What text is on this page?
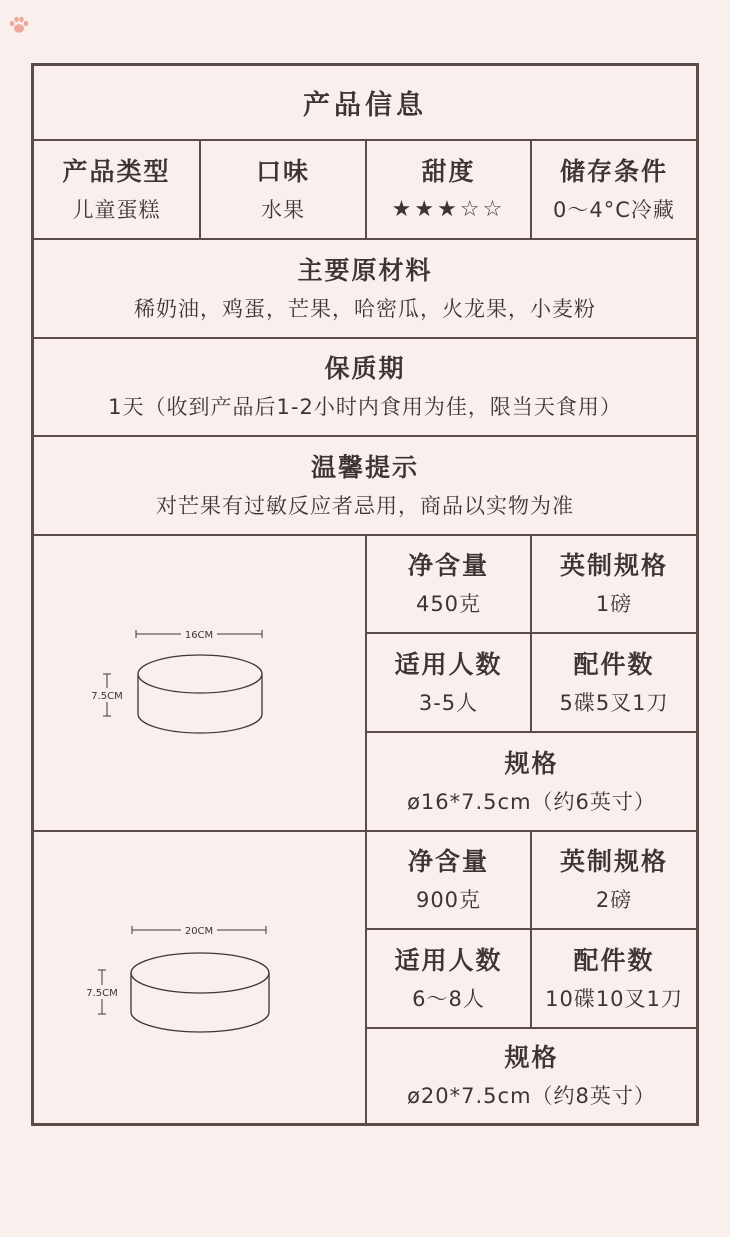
产品信息
产品类型
儿童蛋糕
口味
水果
甜度
★★★☆☆
储存条件
0～4°C冷藏
主要原材料
稀奶油，鸡蛋，芒果，哈密瓜，火龙果，小麦粉
保质期
1天（收到产品后1-2小时内食用为佳，限当天食用）
温馨提示
对芒果有过敏反应者忌用，商品以实物为准
16CM
7.5CM
净含量
450克
英制规格
1磅
适用人数
3-5人
配件数
5碟5叉1刀
规格
ø16*7.5cm（约6英寸）
20CM
7.5CM
净含量
900克
英制规格
2磅
适用人数
6～8人
配件数
10碟10叉1刀
规格
ø20*7.5cm（约8英寸）
